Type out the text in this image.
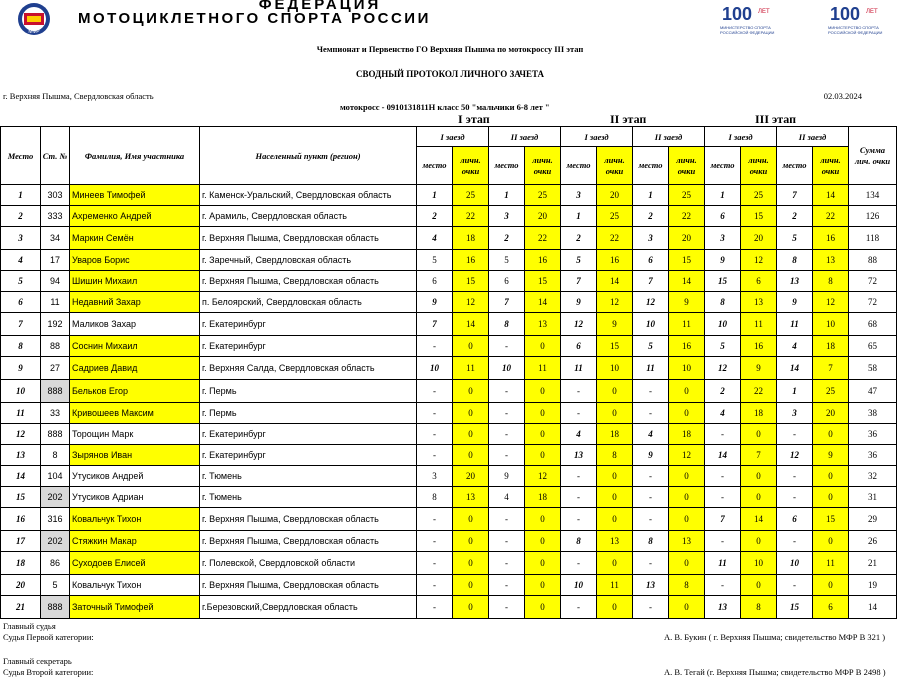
МФР
ФЕДЕРАЦИЯ
МОТОЦИКЛЕТНОГО СПОРТА РОССИИ	100 ЛЕТ
МИНИСТЕРСТВО СПОРТА
РОССИЙСКОЙ ФЕДЕРАЦИИ
100 ЛЕТ
МИНИСТЕРСТВО СПОРТА
РОССИЙСКОЙ ФЕДЕРАЦИИ
Чемпионат и Первенство ГО Верхняя Пышма по мотокроссу III этап
СВОДНЫЙ ПРОТОКОЛ ЛИЧНОГО ЗАЧЕТА
г. Верхняя Пышма, Свердловская область	02.03.2024
мотокросс - 0910131811Н класс 50 "мальчики 6-8 лет "
I этап	II этап	III этап
Место	Ст. №	Фамилия, Имя участника	Населенный пункт (регион)	I заезд		II заезд		I заезд		II заезд		I заезд		II заезд		Сумма
лич. очки
				место	личн.
очки	место	личн.
очки	место	личн.
очки	место	личн.
очки	место	личн.
очки	место	личн.
очки	
1	303	Минеев Тимофей	г. Каменск-Уральский, Свердловская область	1	25	1	25	3	20	1	25	1	25	7	14	134
2	333	Ахременко Андрей	г. Арамиль, Свердловская область	2	22	3	20	1	25	2	22	6	15	2	22	126
3	34	Маркин Семён	г. Верхняя Пышма, Свердловская область	4	18	2	22	2	22	3	20	3	20	5	16	118
4	17	Уваров Борис	г. Заречный, Свердловская область	5	16	5	16	5	16	6	15	9	12	8	13	88
5	94	Шишин Михаил	г. Верхняя Пышма, Свердловская область	6	15	6	15	7	14	7	14	15	6	13	8	72
6	11	Недавний Захар	п. Белоярский, Свердловская область	9	12	7	14	9	12	12	9	8	13	9	12	72
7	192	Маликов Захар	г. Екатеринбург	7	14	8	13	12	9	10	11	10	11	11	10	68
8	88	Соснин Михаил	г. Екатеринбург	-	0	-	0	6	15	5	16	5	16	4	18	65
9	27	Садриев Давид	г. Верхняя Салда, Свердловская область	10	11	10	11	11	10	11	10	12	9	14	7	58
10	888	Бельков Егор	г. Пермь	-	0	-	0	-	0	-	0	2	22	1	25	47
11	33	Кривошеев Максим	г. Пермь	-	0	-	0	-	0	-	0	4	18	3	20	38
12	888	Торощин Марк	г. Екатеринбург	-	0	-	0	4	18	4	18	-	0	-	0	36
13	8	Зырянов Иван	г. Екатеринбург	-	0	-	0	13	8	9	12	14	7	12	9	36
14	104	Утусиков Андрей	г. Тюмень	3	20	9	12	-	0	-	0	-	0	-	0	32
15	202	Утусиков Адриан	г. Тюмень	8	13	4	18	-	0	-	0	-	0	-	0	31
16	316	Ковальчук Тихон	г. Верхняя Пышма, Свердловская область	-	0	-	0	-	0	-	0	7	14	6	15	29
17	202	Стяжкин Макар	г. Верхняя Пышма, Свердловская область	-	0	-	0	8	13	8	13	-	0	-	0	26
18	86	Суходоев Елисей	г. Полевской, Свердловской области	-	0	-	0	-	0	-	0	11	10	10	11	21
20	5	Ковальчук Тихон	г. Верхняя Пышма, Свердловская область	-	0	-	0	10	11	13	8	-	0	-	0	19
21	888	Заточный Тимофей	г.Березовский,Свердловская область	-	0	-	0	-	0	-	0	13	8	15	6	14
Главный судья
Судья Первой категории:	А. В. Букин ( г. Верхняя Пышма; свидетельство МФР В 321 )
Главный секретарь
Судья Второй категории:	А. В. Тегай (г. Верхняя Пышма; свидетельство МФР В 2498 )
